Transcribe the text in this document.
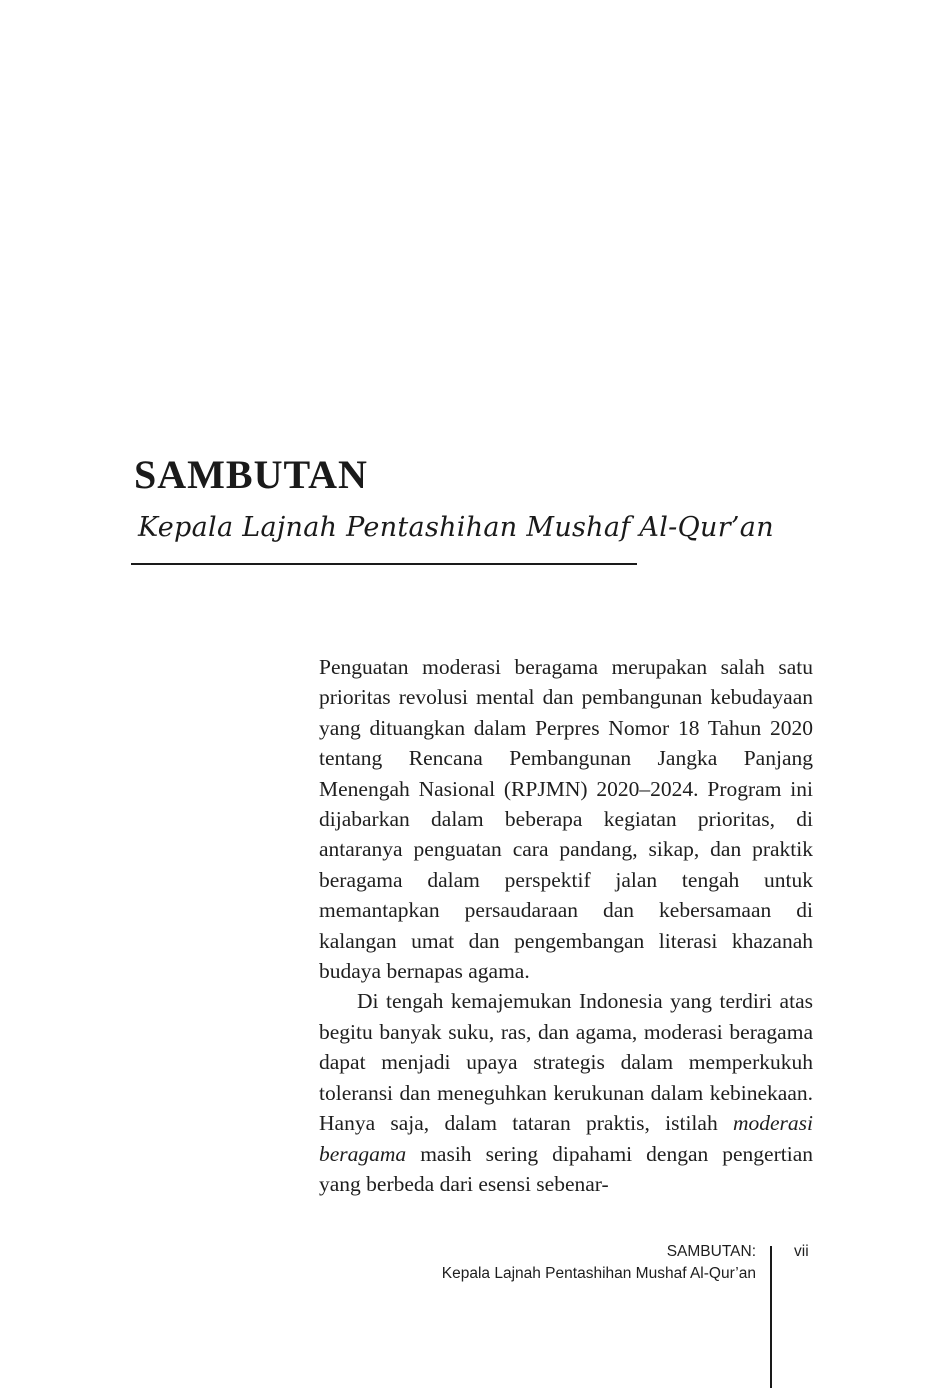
SAMBUTAN
Kepala Lajnah Pentashihan Mushaf Al-Qur’an

Penguatan moderasi beragama merupakan salah satu prioritas revolusi mental dan pembangunan kebudayaan yang dituangkan dalam Perpres Nomor 18 Tahun 2020 tentang Rencana Pembangunan Jangka Panjang Menengah Nasional (RPJMN) 2020–2024. Program ini dijabarkan dalam beberapa kegiatan prioritas, di antaranya penguatan cara pandang, sikap, dan praktik beragama dalam perspektif jalan tengah untuk memantapkan persaudaraan dan kebersamaan di kalangan umat dan pengembangan literasi khazanah budaya bernapas agama.

Di tengah kemajemukan Indonesia yang terdiri atas begitu banyak suku, ras, dan agama, moderasi beragama dapat menjadi upaya strategis dalam memperkukuh toleransi dan meneguhkan kerukunan dalam kebinekaan. Hanya saja, dalam tataran praktis, istilah moderasi beragama masih sering dipahami dengan pengertian yang berbeda dari esensi sebenar-

SAMBUTAN:
Kepala Lajnah Pentashihan Mushaf Al-Qur’an
vii
